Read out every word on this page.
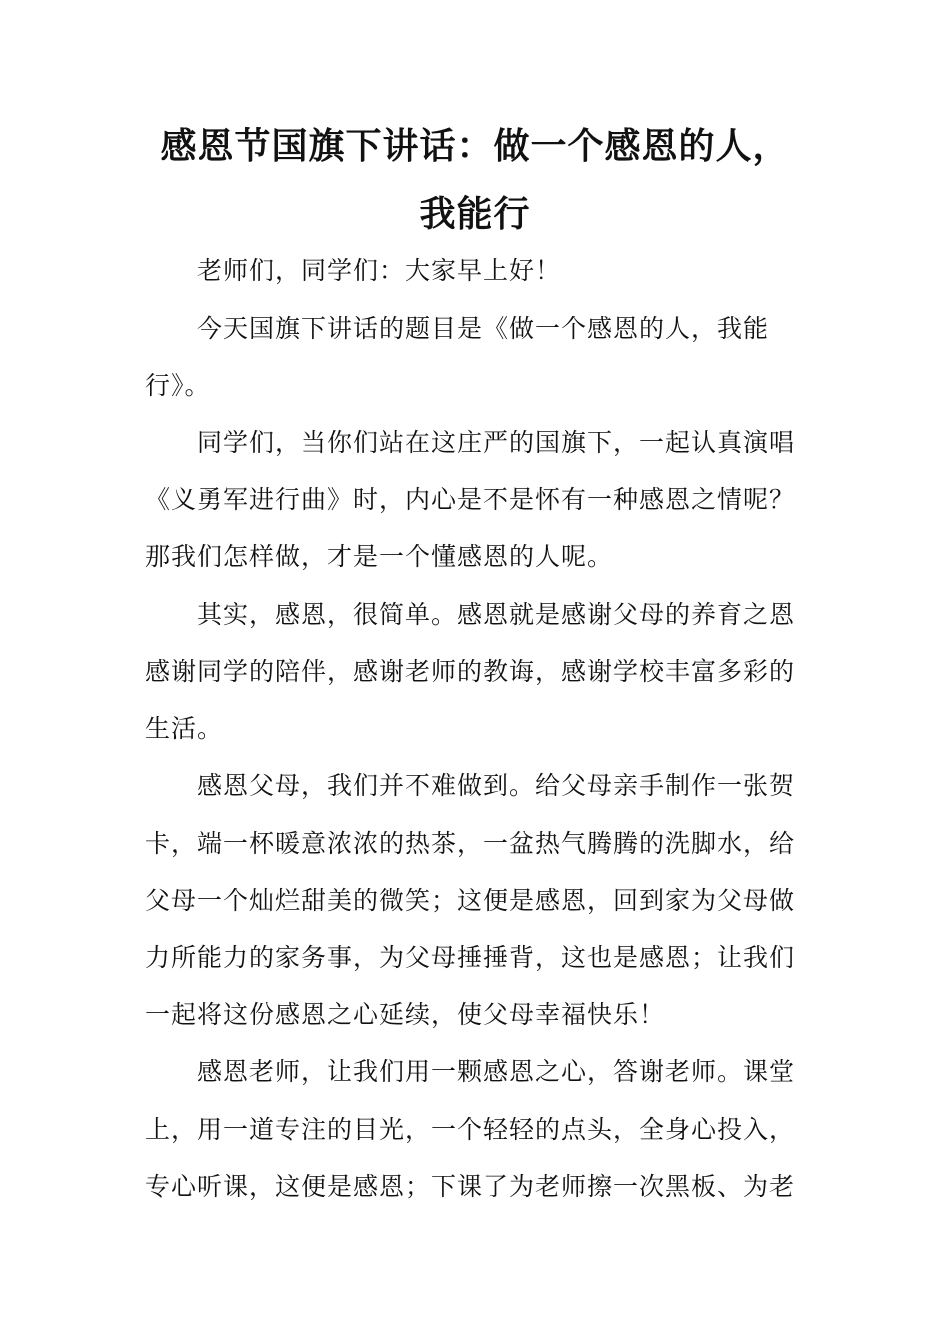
感恩节国旗下讲话：做一个感恩的人，
我能行
老师们，同学们：大家早上好！
今天国旗下讲话的题目是《做一个感恩的人，我能
行》。
同学们，当你们站在这庄严的国旗下，一起认真演唱
《义勇军进行曲》时，内心是不是怀有一种感恩之情呢？
那我们怎样做，才是一个懂感恩的人呢。
其实，感恩，很简单。感恩就是感谢父母的养育之恩
感谢同学的陪伴，感谢老师的教诲，感谢学校丰富多彩的
生活。
感恩父母，我们并不难做到。给父母亲手制作一张贺
卡，端一杯暖意浓浓的热茶，一盆热气腾腾的洗脚水，给
父母一个灿烂甜美的微笑；这便是感恩，回到家为父母做
力所能力的家务事，为父母捶捶背，这也是感恩；让我们
一起将这份感恩之心延续，使父母幸福快乐！
感恩老师，让我们用一颗感恩之心，答谢老师。课堂
上，用一道专注的目光，一个轻轻的点头，全身心投入，
专心听课，这便是感恩；下课了为老师擦一次黑板、为老
